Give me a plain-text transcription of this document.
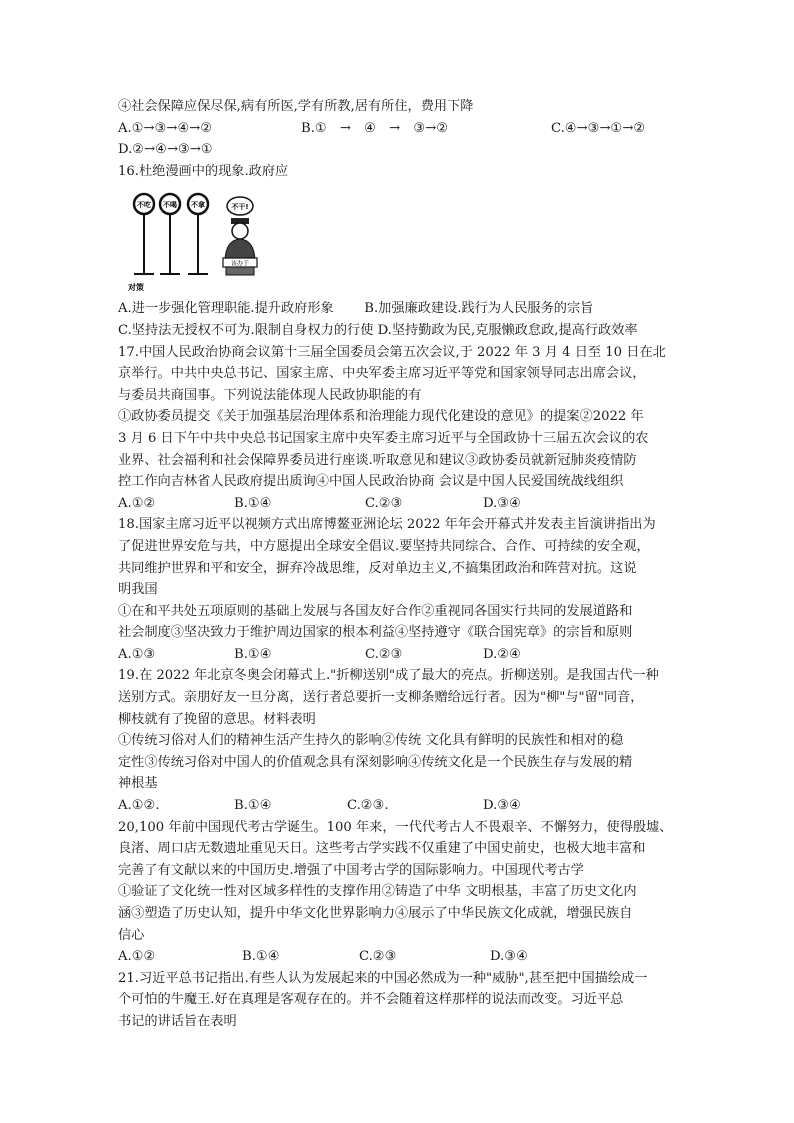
④社会保障应保尽保,病有所医,学有所教,居有所住，费用下降
A.①→③→④→②	B.①　→　④　→　③→②	C.④→③→①→②
D.②→④→③→①
16.杜绝漫画中的现象.政府应
不吃 不喝 不拿	不干!
该办干
对策
A.进一步强化管理职能.提升政府形象　　 B.加强廉政建设.践行为人民服务的宗旨
C.坚持法无授权不可为.限制自身权力的行使 D.坚持勤政为民,克服懒政怠政,提高行政效率
17.中国人民政治协商会议第十三届全国委员会第五次会议,于 2022 年 3 月 4 日至 10 日在北
京举行。中共中央总书记、国家主席、中央军委主席习近平等党和国家领导同志出席会议，
与委员共商国事。下列说法能体现人民政协职能的有
①政协委员提交《关于加强基层治理体系和治理能力现代化建设的意见》的提案②2022 年
3 月 6 日下午中共中央总书记国家主席中央军委主席习近平与全国政协十三届五次会议的农
业界、社会福利和社会保障界委员进行座谈.听取意见和建议③政协委员就新冠肺炎疫情防
控工作向吉林省人民政府提出质询④中国人民政治协商 会议是中国人民爱国统战线组织
A.①②	B.①④	C.②③	D.③④
18.国家主席习近平以视频方式出席博鳌亚洲论坛 2022 年年会开幕式并发表主旨演讲指出为
了促进世界安危与共，中方愿提出全球安全倡议.要坚持共同综合、合作、可持续的安全观，
共同维护世界和平和安全，摒弃冷战思维，反对单边主义,不搞集团政治和阵营对抗。这说
明我国
①在和平共处五项原则的基础上发展与各国友好合作②重视同各国实行共同的发展道路和
社会制度③坚决致力于维护周边国家的根本利益④坚持遵守《联合国宪章》的宗旨和原则
A.①③	B.①④	C.②③	D.②④
19.在 2022 年北京冬奥会闭幕式上."折柳送别"成了最大的亮点。折柳送别。是我国古代一种
送别方式。亲朋好友一旦分离，送行者总要折一支柳条赠给远行者。因为"柳"与"留"同音，
柳枝就有了挽留的意思。材料表明
①传统习俗对人们的精神生活产生持久的影响②传统 文化具有鲜明的民族性和相对的稳
定性③传统习俗对中国人的价值观念具有深刻影响④传统文化是一个民族生存与发展的精
神根基
A.①②.	B.①④	C.②③.	D.③④
20,100 年前中国现代考古学诞生。100 年来，一代代考古人不畏艰辛、不懈努力，使得殷墟、
良渚、周口店无数遗址重见天日。这些考古学实践不仅重建了中国史前史，也极大地丰富和
完善了有文献以来的中国历史.增强了中国考古学的国际影响力。中国现代考古学
①验证了文化统一性对区域多样性的支撑作用②铸造了中华 文明根基，丰富了历史文化内
涵③塑造了历史认知，提升中华文化世界影响力④展示了中华民族文化成就，增强民族自
信心
A.①②	B.①④	C.②③	D.③④
21.习近平总书记指出.有些人认为发展起来的中国必然成为一种"威胁",甚至把中国描绘成一
个可怕的牛魔王.好在真理是客观存在的。并不会随着这样那样的说法而改变。习近平总
书记的讲话旨在表明
